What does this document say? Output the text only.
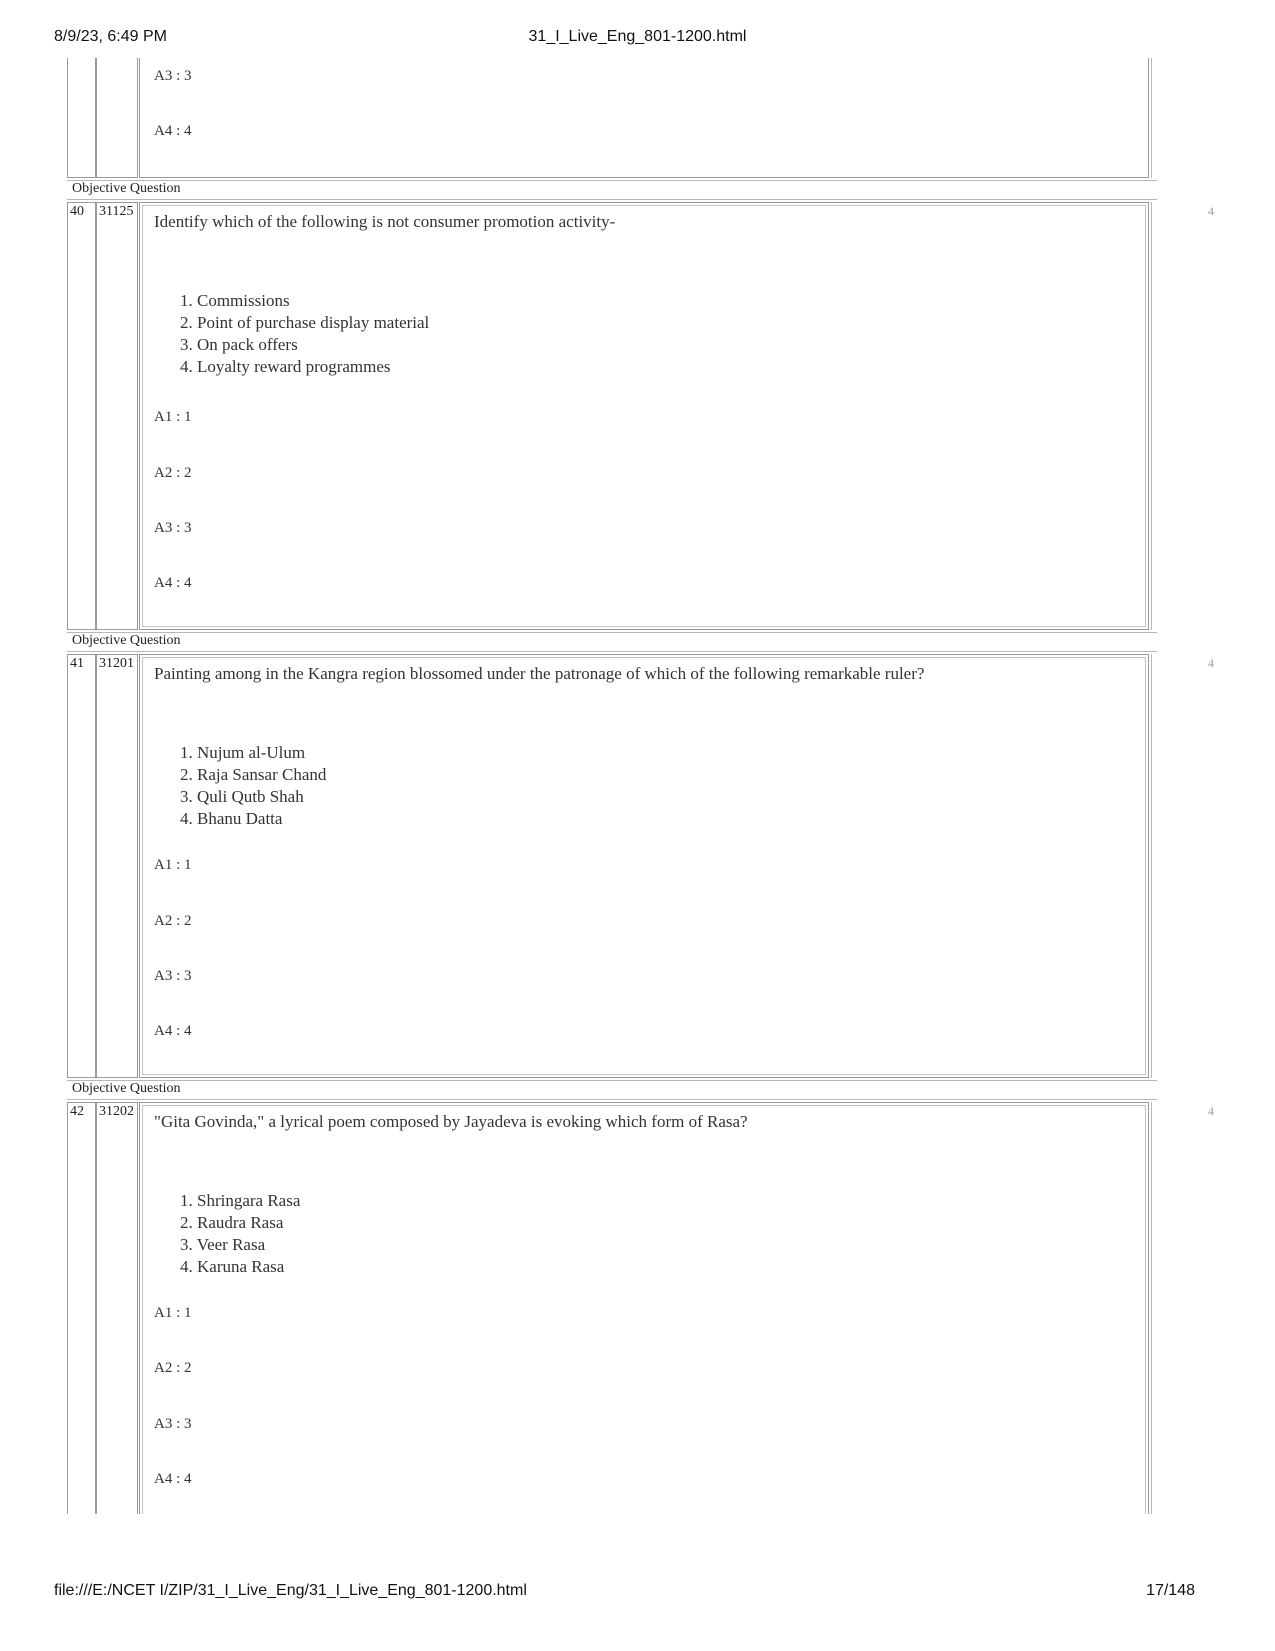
8/9/23, 6:49 PM	31_I_Live_Eng_801-1200.html
A3 : 3
A4 : 4
Objective Question
40 31125	4
Identify which of the following is not consumer promotion activity-
1. Commissions
2. Point of purchase display material
3. On pack offers
4. Loyalty reward programmes
A1 : 1
A2 : 2
A3 : 3
A4 : 4
Objective Question
41 31201	4
Painting among in the Kangra region blossomed under the patronage of which of the following remarkable ruler?
1. Nujum al-Ulum
2. Raja Sansar Chand
3. Quli Qutb Shah
4. Bhanu Datta
A1 : 1
A2 : 2
A3 : 3
A4 : 4
Objective Question
42 31202	4
"Gita Govinda," a lyrical poem composed by Jayadeva is evoking which form of Rasa?
1. Shringara Rasa
2. Raudra Rasa
3. Veer Rasa
4. Karuna Rasa
A1 : 1
A2 : 2
A3 : 3
A4 : 4
file:///E:/NCET I/ZIP/31_I_Live_Eng/31_I_Live_Eng_801-1200.html	17/148
